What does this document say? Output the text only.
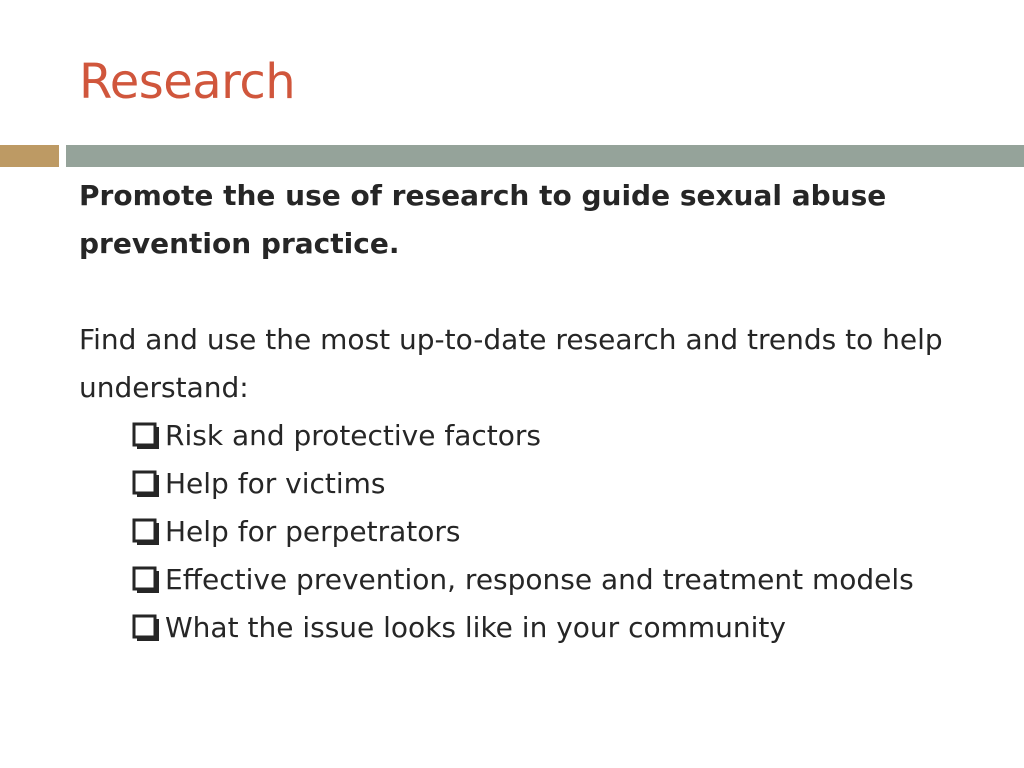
Research

Promote the use of research to guide sexual abuse prevention practice.

Find and use the most up-to-date research and trends to help understand:

Risk and protective factors
Help for victims
Help for perpetrators
Effective prevention, response and treatment models
What the issue looks like in your community
